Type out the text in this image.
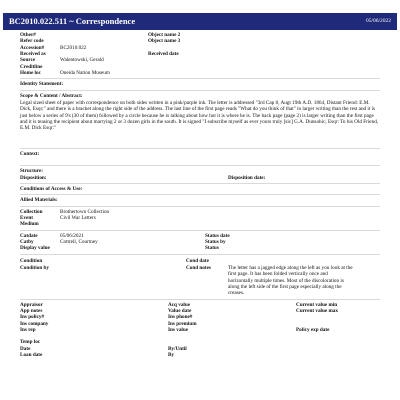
BC2010.022.511 ~ Correspondence	05/06/2022
Other#	Object name 2
Refer code	Object name 3
Accession#	BC2010.022
Received as	Received date
Source	Walentowski, Gerald
Creditline
Home loc	Oneida Nation Museum
Identity Statement:
Scope & Content / Abstract:
Legal sized sheet of paper with correspondence on both sides written in a pink/purple ink. The letter is addressed "3rd Cap 8, Augt 19th A.D. 1864, Distant Friend: E.M. Dick, Esqr;" and there is a bracket along the right side of the address. The last line of the first page reads "What do you think of that" in larger writing than the rest and it is just below a series of 9's (30 of them) followed by a circle because he is talking about how hot it is where he is. The back page (page 2) is larger writing than the first page and it is teasing the recipient about marrying 2 or 3 dozen girls in the south. It is signed "I subscribe myself as ever yours truly [sic] G.A. Dunsohic, Esqr: To his Old Friend, E.M. Dick Esqr:"
Context:
Structure:
Disposition:	Disposition date:
Conditions of Access & Use:
Allied Materials:
Collection	Brothertown Collection
Event	Civil War Letters
Medium
Catdate	05/06/2021	Status date
Catby	Cottrell, Courtney	Status by
Display value	Status
Condition	Cond date
Condition by	Cond notes	The letter has a jagged edge along the left as you look at the first page. It has been folded vertically once and horizontally multiple times. Most of the discoloration is along the left side of the first page especially along the creases.
Appraisor	Acq value	Current value min
App notes	Value date	Current value max
Ins policy#	Ins phone#
Ins company	Ins premium
Ins rep	Ins value	Policy exp date
Temp loc
Date	By/Until
Loan date	By
